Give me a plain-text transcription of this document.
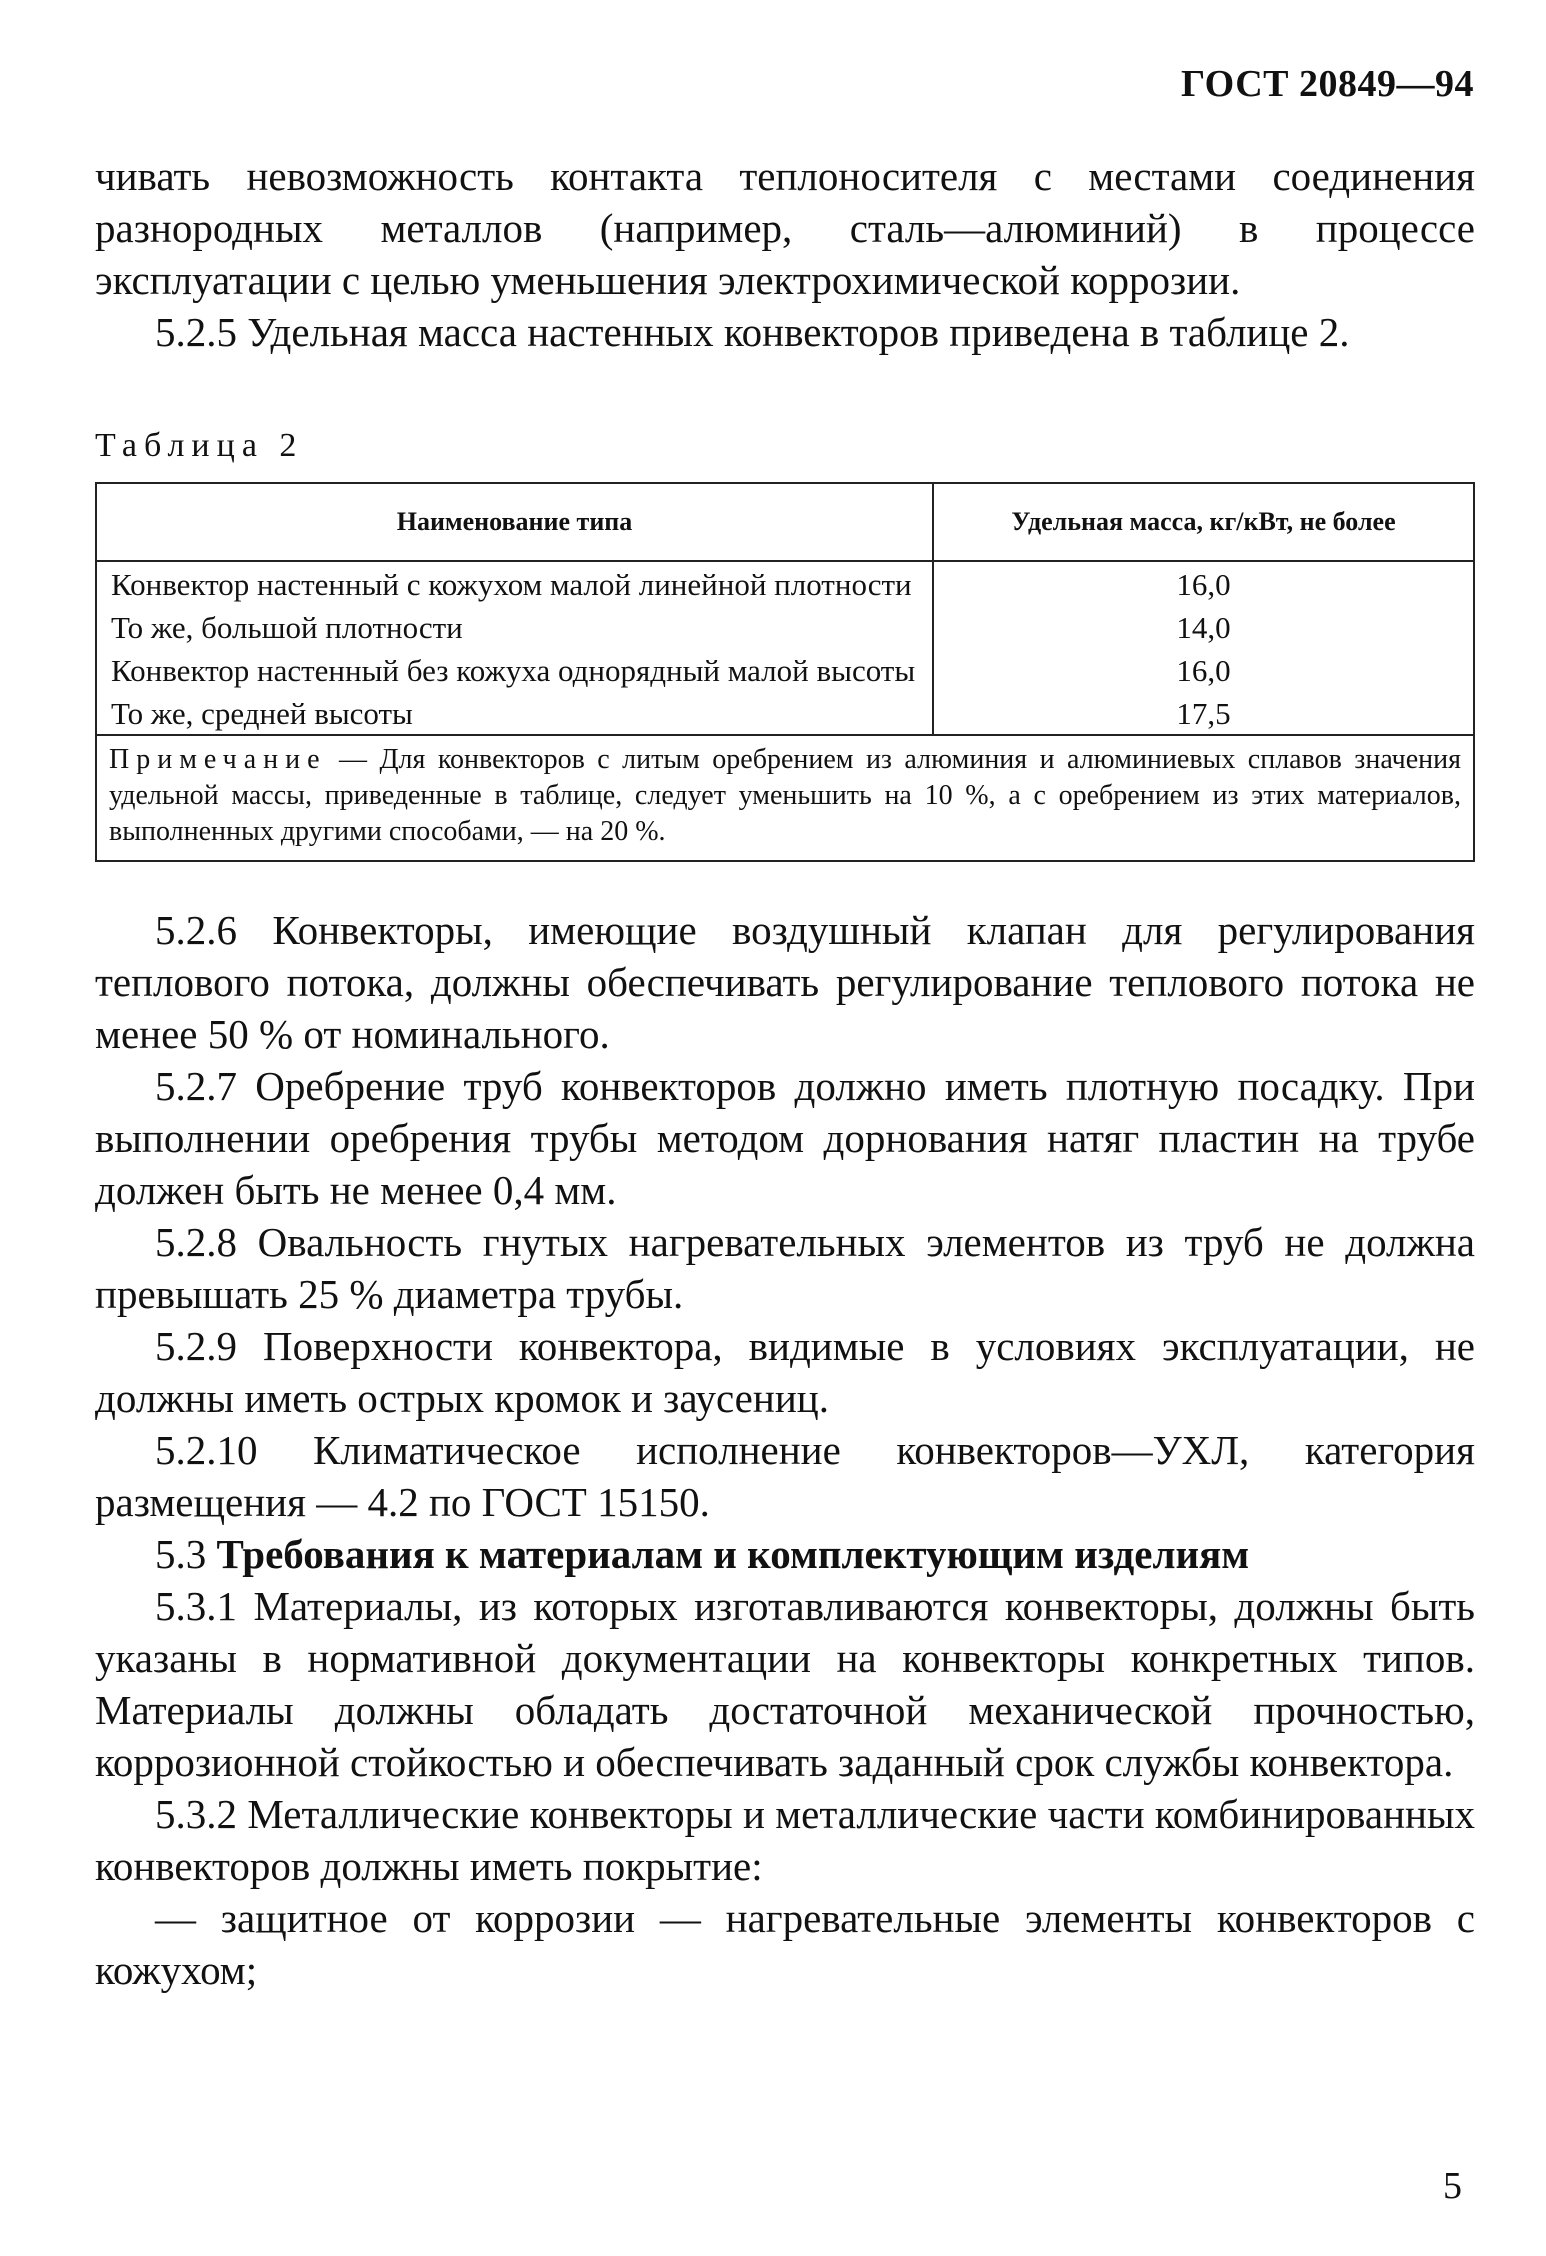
ГОСТ 20849—94

чивать невозможность контакта теплоносителя с местами соединения разнородных металлов (например, сталь—алюминий) в процессе эксплуатации с целью уменьшения электрохимической коррозии.

5.2.5 Удельная масса настенных конвекторов приведена в таблице 2.

Таблица 2
Наименование типа	Удельная масса, кг/кВт, не более
Конвектор настенный с кожухом малой линейной плотности	16,0
То же, большой плотности	14,0
Конвектор настенный без кожуха однорядный малой высоты	16,0
То же, средней высоты	17,5
Примечание — Для конвекторов с литым оребрением из алюминия и алюминиевых сплавов значения удельной массы, приведенные в таблице, следует уменьшить на 10 %, а с оребрением из этих материалов, выполненных другими способами, — на 20 %.	

5.2.6 Конвекторы, имеющие воздушный клапан для регулирования теплового потока, должны обеспечивать регулирование теплового потока не менее 50 % от номинального.

5.2.7 Оребрение труб конвекторов должно иметь плотную посадку. При выполнении оребрения трубы методом дорнования натяг пластин на трубе должен быть не менее 0,4 мм.

5.2.8 Овальность гнутых нагревательных элементов из труб не должна превышать 25 % диаметра трубы.

5.2.9 Поверхности конвектора, видимые в условиях эксплуатации, не должны иметь острых кромок и заусениц.

5.2.10 Климатическое исполнение конвекторов—УХЛ, категория размещения — 4.2 по ГОСТ 15150.

5.3 Требования к материалам и комплектующим изделиям

5.3.1 Материалы, из которых изготавливаются конвекторы, должны быть указаны в нормативной документации на конвекторы конкретных типов. Материалы должны обладать достаточной механической прочностью, коррозионной стойкостью и обеспечивать заданный срок службы конвектора.

5.3.2 Металлические конвекторы и металлические части комбинированных конвекторов должны иметь покрытие:

— защитное от коррозии — нагревательные элементы конвекторов с кожухом;

5
